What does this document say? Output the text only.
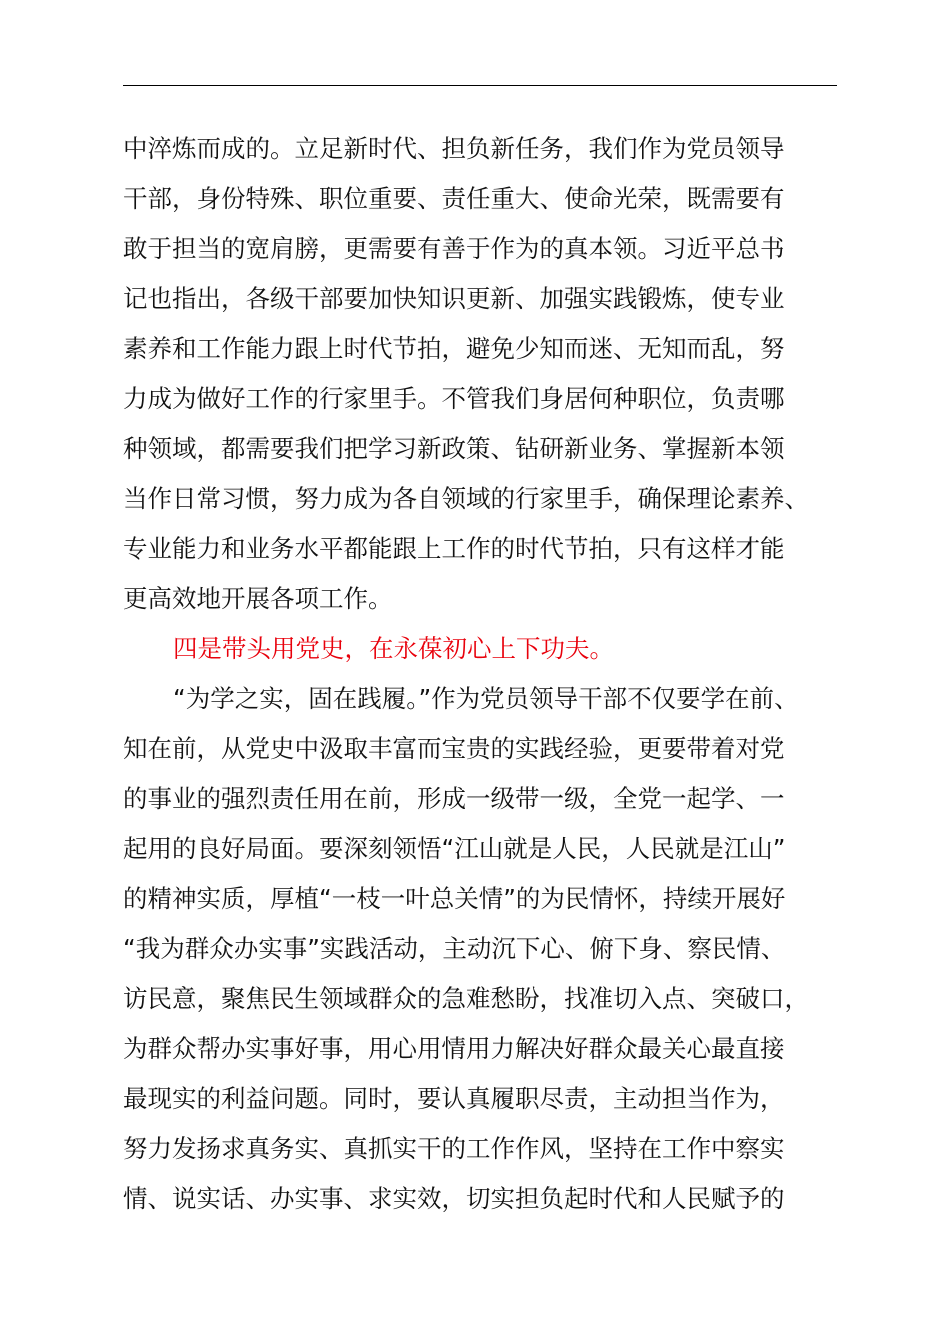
中淬炼而成的。立足新时代、担负新任务，我们作为党员领导

干部，身份特殊、职位重要、责任重大、使命光荣，既需要有

敢于担当的宽肩膀，更需要有善于作为的真本领。习近平总书

记也指出，各级干部要加快知识更新、加强实践锻炼，使专业

素养和工作能力跟上时代节拍，避免少知而迷、无知而乱，努

力成为做好工作的行家里手。不管我们身居何种职位，负责哪

种领域，都需要我们把学习新政策、钻研新业务、掌握新本领

当作日常习惯，努力成为各自领域的行家里手，确保理论素养、

专业能力和业务水平都能跟上工作的时代节拍，只有这样才能

更高效地开展各项工作。

四是带头用党史，在永葆初心上下功夫。

“为学之实，固在践履。”作为党员领导干部不仅要学在前、

知在前，从党史中汲取丰富而宝贵的实践经验，更要带着对党

的事业的强烈责任用在前，形成一级带一级，全党一起学、一

起用的良好局面。要深刻领悟“江山就是人民，人民就是江山”

的精神实质，厚植“一枝一叶总关情”的为民情怀，持续开展好

“我为群众办实事”实践活动，主动沉下心、俯下身、察民情、

访民意，聚焦民生领域群众的急难愁盼，找准切入点、突破口，

为群众帮办实事好事，用心用情用力解决好群众最关心最直接

最现实的利益问题。同时，要认真履职尽责，主动担当作为，

努力发扬求真务实、真抓实干的工作作风，坚持在工作中察实

情、说实话、办实事、求实效，切实担负起时代和人民赋予的
